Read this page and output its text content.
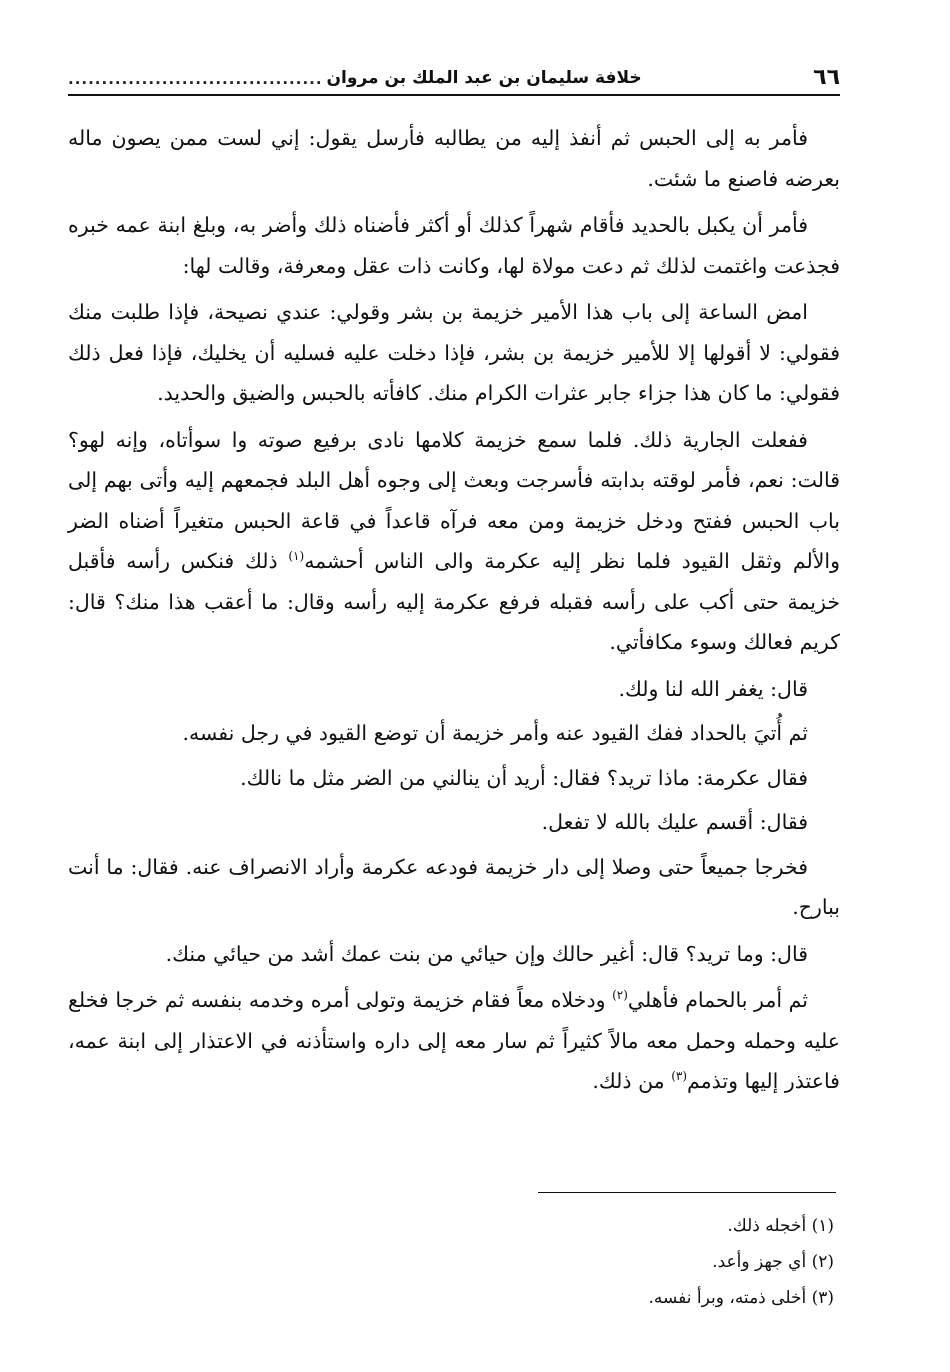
٦٦
خلافة سليمان بن عبد الملك بن مروان
......................................

فأمر به إلى الحبس ثم أنفذ إليه من يطالبه فأرسل يقول: إني لست ممن يصون ماله بعرضه فاصنع ما شئت.

فأمر أن يكبل بالحديد فأقام شهراً كذلك أو أكثر فأضناه ذلك وأضر به، وبلغ ابنة عمه خبره فجذعت واغتمت لذلك ثم دعت مولاة لها، وكانت ذات عقل ومعرفة، وقالت لها:

امض الساعة إلى باب هذا الأمير خزيمة بن بشر وقولي: عندي نصيحة، فإذا طلبت منك فقولي: لا أقولها إلا للأمير خزيمة بن بشر، فإذا دخلت عليه فسليه أن يخليك، فإذا فعل ذلك فقولي: ما كان هذا جزاء جابر عثرات الكرام منك. كافأته بالحبس والضيق والحديد.

ففعلت الجارية ذلك. فلما سمع خزيمة كلامها نادى برفيع صوته وا سوأتاه، وإنه لهو؟ قالت: نعم، فأمر لوقته بدابته فأسرجت وبعث إلى وجوه أهل البلد فجمعهم إليه وأتى بهم إلى باب الحبس ففتح ودخل خزيمة ومن معه فرآه قاعداً في قاعة الحبس متغيراً أضناه الضر والألم وثقل القيود فلما نظر إليه عكرمة والى الناس أحشمه$^{(١)}$ ذلك فنكس رأسه فأقبل خزيمة حتى أكب على رأسه فقبله فرفع عكرمة إليه رأسه وقال: ما أعقب هذا منك؟ قال: كريم فعالك وسوء مكافأتي.

قال: يغفر الله لنا ولك.

ثم أُتيَ بالحداد ففك القيود عنه وأمر خزيمة أن توضع القيود في رجل نفسه.

فقال عكرمة: ماذا تريد؟ فقال: أريد أن ينالني من الضر مثل ما نالك.

فقال: أقسم عليك بالله لا تفعل.

فخرجا جميعاً حتى وصلا إلى دار خزيمة فودعه عكرمة وأراد الانصراف عنه. فقال: ما أنت ببارح.

قال: وما تريد؟ قال: أغير حالك وإن حيائي من بنت عمك أشد من حيائي منك.

ثم أمر بالحمام فأهلي$^{(٢)}$ ودخلاه معاً فقام خزيمة وتولى أمره وخدمه بنفسه ثم خرجا فخلع عليه وحمله وحمل معه مالاً كثيراً ثم سار معه إلى داره واستأذنه في الاعتذار إلى ابنة عمه، فاعتذر إليها وتذمم$^{(٣)}$ من ذلك.

(١) أخجله ذلك.

(٢) أي جهز وأعد.

(٣) أخلى ذمته، وبرأ نفسه.
